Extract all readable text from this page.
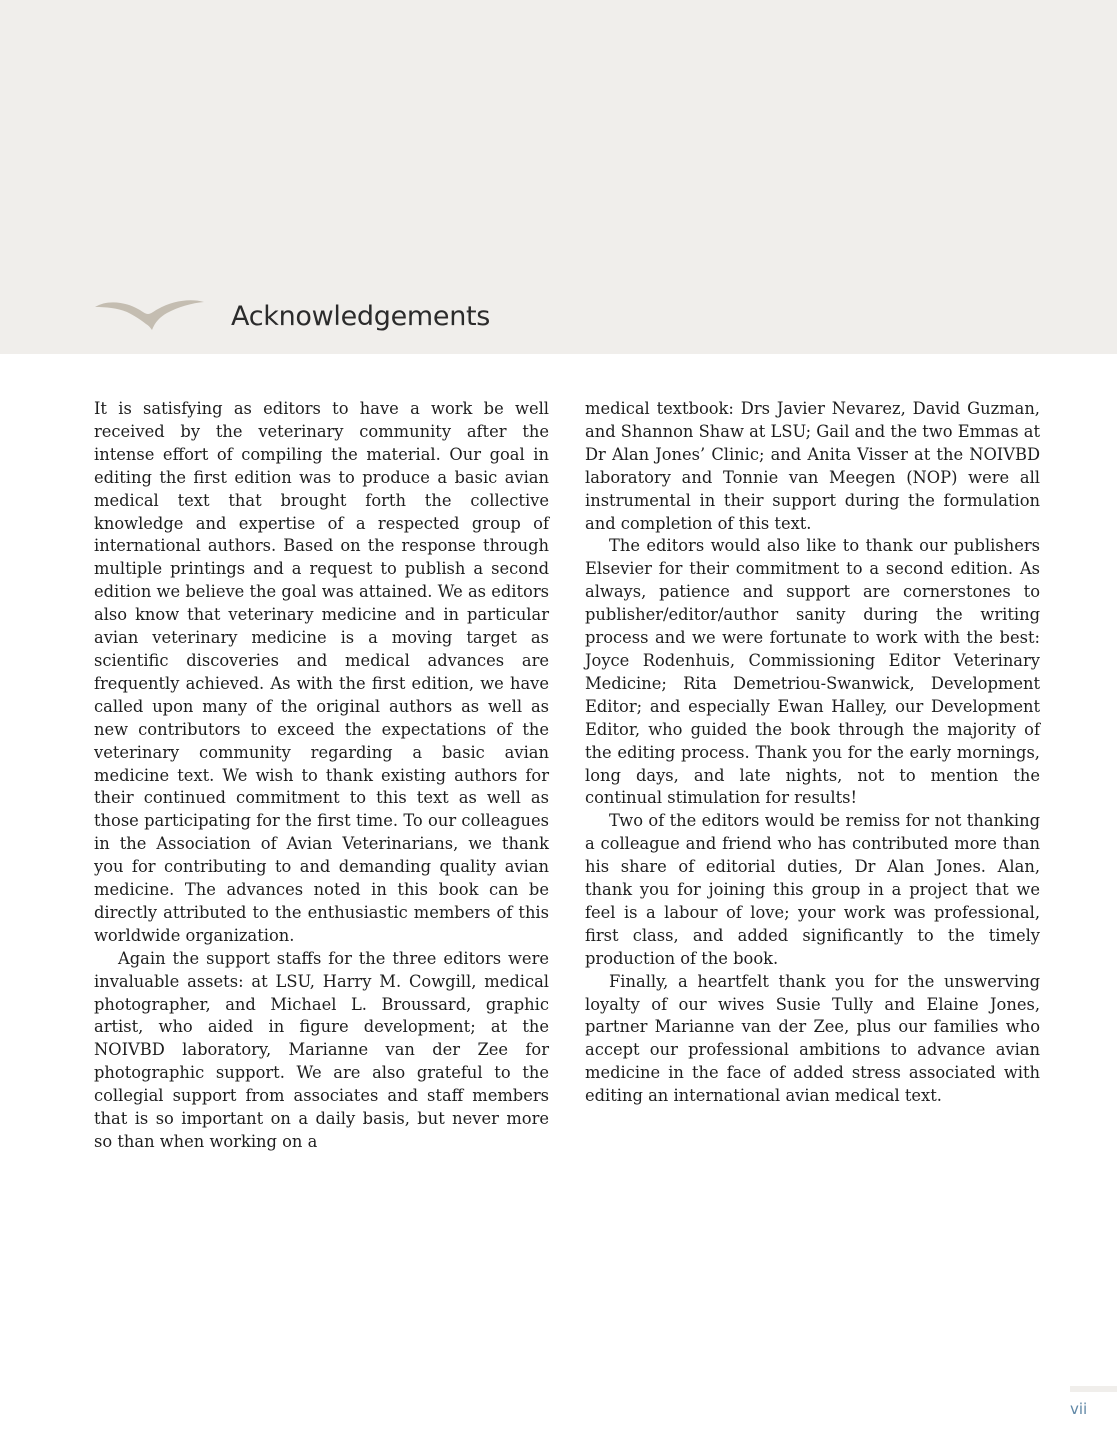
Acknowledgements

It is satisfying as editors to have a work be well received by the veterinary community after the intense effort of compiling the material. Our goal in editing the first edition was to produce a basic avian medical text that brought forth the collective knowledge and expertise of a respected group of international authors. Based on the response through multiple printings and a request to publish a second edition we believe the goal was attained. We as editors also know that veterinary medicine and in particular avian veterinary medicine is a moving target as scientific discoveries and medical advances are frequently achieved. As with the first edition, we have called upon many of the original authors as well as new contributors to exceed the expectations of the veterinary community regarding a basic avian medicine text. We wish to thank existing authors for their continued commitment to this text as well as those participating for the first time. To our colleagues in the Association of Avian Veterinarians, we thank you for contributing to and demanding quality avian medicine. The advances noted in this book can be directly attributed to the enthusiastic members of this worldwide organization.

Again the support staffs for the three editors were invaluable assets: at LSU, Harry M. Cowgill, medical photographer, and Michael L. Broussard, graphic artist, who aided in figure development; at the NOIVBD laboratory, Marianne van der Zee for photographic support. We are also grateful to the collegial support from associates and staff members that is so important on a daily basis, but never more so than when working on a

medical textbook: Drs Javier Nevarez, David Guzman, and Shannon Shaw at LSU; Gail and the two Emmas at Dr Alan Jones’ Clinic; and Anita Visser at the NOIVBD laboratory and Tonnie van Meegen (NOP) were all instrumental in their support during the formulation and completion of this text.

The editors would also like to thank our publishers Elsevier for their commitment to a second edition. As always, patience and support are cornerstones to publisher/editor/author sanity during the writing process and we were fortunate to work with the best: Joyce Rodenhuis, Commissioning Editor Veterinary Medicine; Rita Demetriou-Swanwick, Development Editor; and especially Ewan Halley, our Development Editor, who guided the book through the majority of the editing process. Thank you for the early mornings, long days, and late nights, not to mention the continual stimulation for results!

Two of the editors would be remiss for not thanking a colleague and friend who has contributed more than his share of editorial duties, Dr Alan Jones. Alan, thank you for joining this group in a project that we feel is a labour of love; your work was professional, first class, and added significantly to the timely production of the book.

Finally, a heartfelt thank you for the unswerving loyalty of our wives Susie Tully and Elaine Jones, partner Marianne van der Zee, plus our families who accept our professional ambitions to advance avian medicine in the face of added stress associated with editing an international avian medical text.

vii
